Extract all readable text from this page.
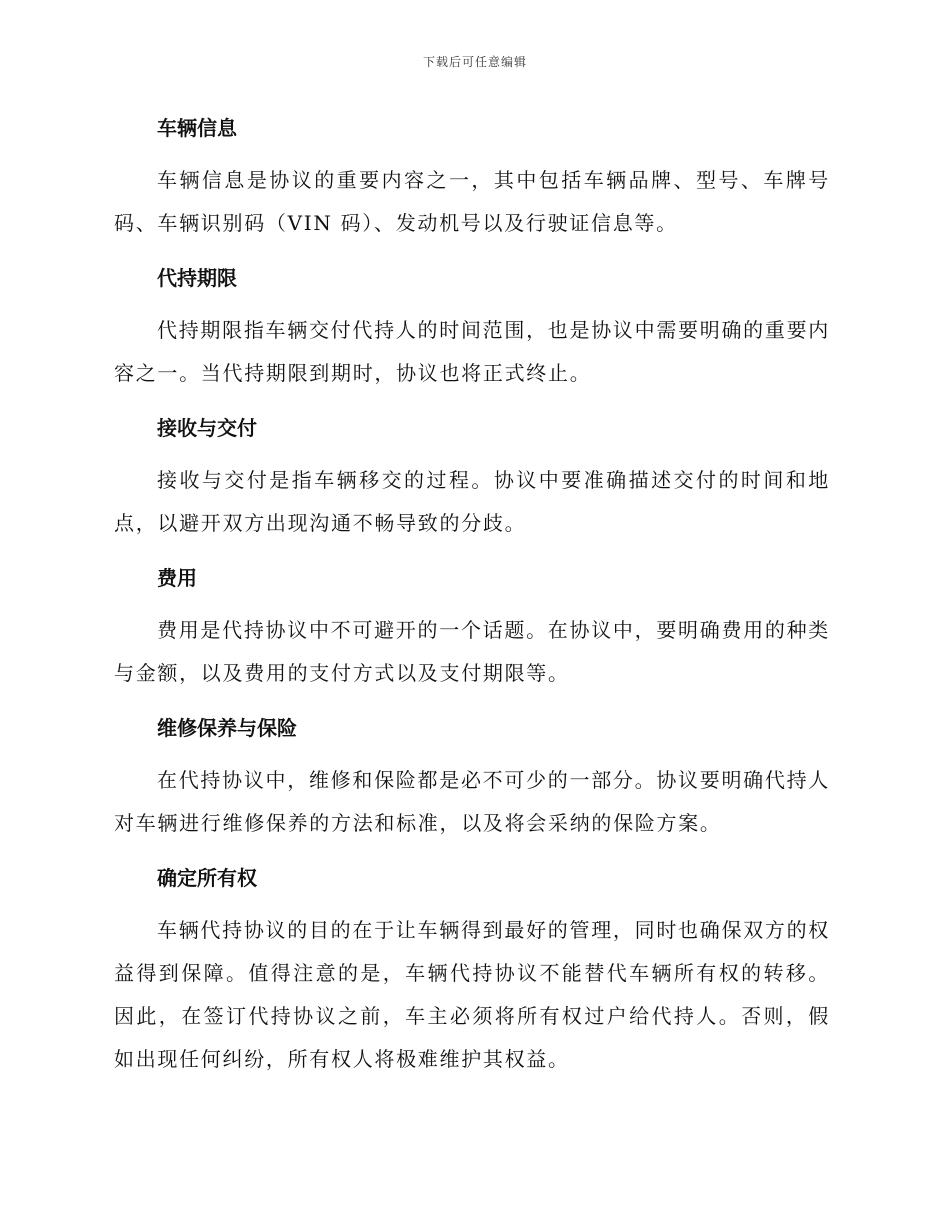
下载后可任意编辑
车辆信息

车辆信息是协议的重要内容之一，其中包括车辆品牌、型号、车牌号码、车辆识别码（VIN 码）、发动机号以及行驶证信息等。

代持期限

代持期限指车辆交付代持人的时间范围，也是协议中需要明确的重要内容之一。当代持期限到期时，协议也将正式终止。

接收与交付

接收与交付是指车辆移交的过程。协议中要准确描述交付的时间和地点，以避开双方出现沟通不畅导致的分歧。

费用

费用是代持协议中不可避开的一个话题。在协议中，要明确费用的种类与金额，以及费用的支付方式以及支付期限等。

维修保养与保险

在代持协议中，维修和保险都是必不可少的一部分。协议要明确代持人对车辆进行维修保养的方法和标准，以及将会采纳的保险方案。

确定所有权

车辆代持协议的目的在于让车辆得到最好的管理，同时也确保双方的权益得到保障。值得注意的是，车辆代持协议不能替代车辆所有权的转移。因此，在签订代持协议之前，车主必须将所有权过户给代持人。否则，假如出现任何纠纷，所有权人将极难维护其权益。
